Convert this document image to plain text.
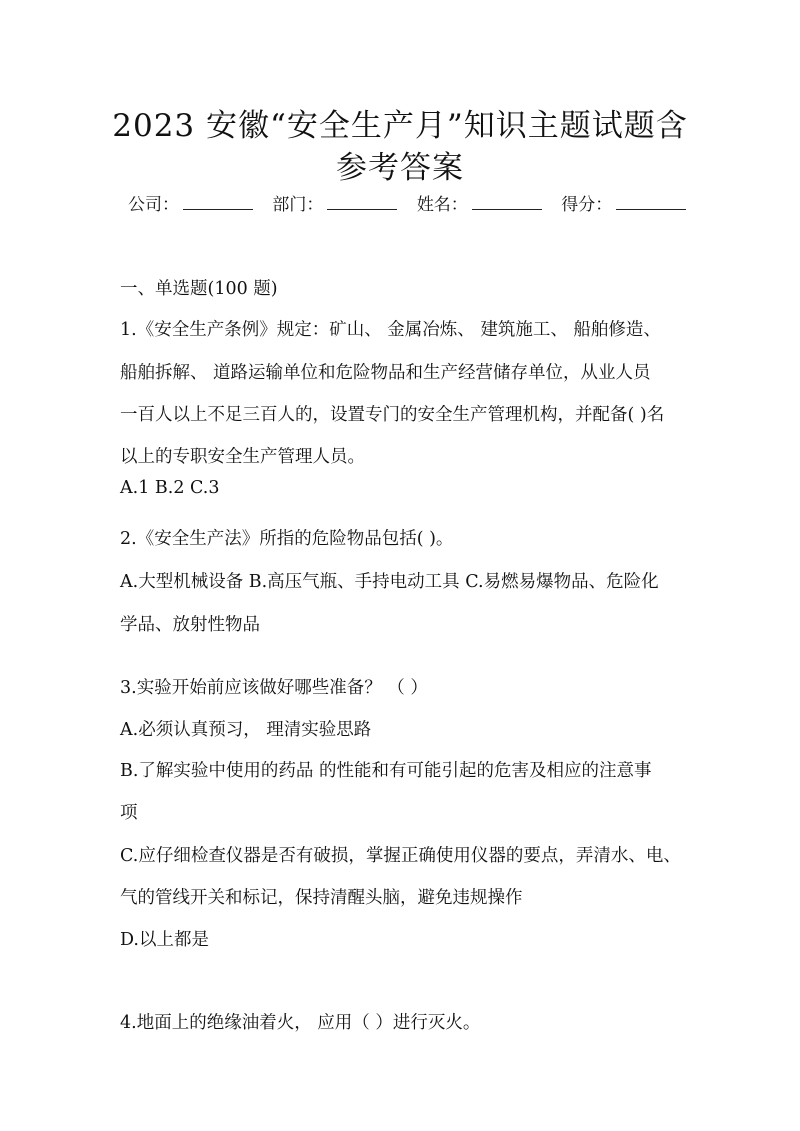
2023 安徽“安全生产月”知识主题试题含
参考答案
公司：	部门：	姓名：	得分：
一、单选题(100 题)
1.《安全生产条例》规定：矿山、 金属冶炼、 建筑施工、 船舶修造、
船舶拆解、 道路运输单位和危险物品和生产经营储存单位，从业人员
一百人以上不足三百人的，设置专门的安全生产管理机构，并配备( )名
以上的专职安全生产管理人员。
A.1 B.2 C.3
2.《安全生产法》所指的危险物品包括( )。
A.大型机械设备 B.高压气瓶、手持电动工具 C.易燃易爆物品、危险化
学品、放射性物品
3.实验开始前应该做好哪些准备？ （ ）
A.必须认真预习， 理清实验思路
B.了解实验中使用的药品 的性能和有可能引起的危害及相应的注意事
项
C.应仔细检查仪器是否有破损，掌握正确使用仪器的要点，弄清水、电、
气的管线开关和标记，保持清醒头脑，避免违规操作
D.以上都是
4.地面上的绝缘油着火， 应用（ ）进行灭火。
